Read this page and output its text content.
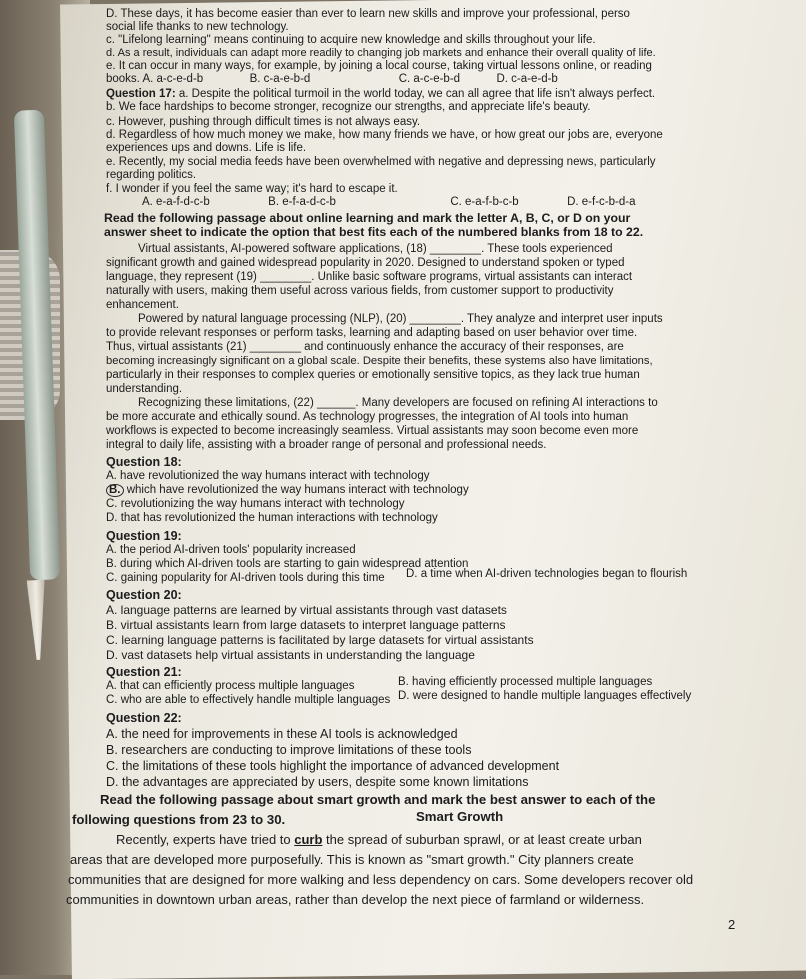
D. These days, it has become easier than ever to learn new skills and improve your professional, perso
social life thanks to new technology.
c. "Lifelong learning" means continuing to acquire new knowledge and skills throughout your life.
d. As a result, individuals can adapt more readily to changing job markets and enhance their overall quality of life.
e. It can occur in many ways, for example, by joining a local course, taking virtual lessons online, or reading
books. A. a-c-e-d-b	B. c-a-e-b-d	C. a-c-e-b-d	D. c-a-e-d-b
Question 17: a. Despite the political turmoil in the world today, we can all agree that life isn't always perfect.
b. We face hardships to become stronger, recognize our strengths, and appreciate life's beauty.
c. However, pushing through difficult times is not always easy.
d. Regardless of how much money we make, how many friends we have, or how great our jobs are, everyone
experiences ups and downs. Life is life.
e. Recently, my social media feeds have been overwhelmed with negative and depressing news, particularly
regarding politics.
f. I wonder if you feel the same way; it's hard to escape it.
A. e-a-f-d-c-b	B. e-f-a-d-c-b	C. e-a-f-b-c-b	D. e-f-c-b-d-a
Read the following passage about online learning and mark the letter A, B, C, or D on your
answer sheet to indicate the option that best fits each of the numbered blanks from 18 to 22.
Virtual assistants, AI-powered software applications, (18) ________. These tools experienced
significant growth and gained widespread popularity in 2020. Designed to understand spoken or typed
language, they represent (19) ________. Unlike basic software programs, virtual assistants can interact
naturally with users, making them useful across various fields, from customer support to productivity
enhancement.
Powered by natural language processing (NLP), (20) ________. They analyze and interpret user inputs
to provide relevant responses or perform tasks, learning and adapting based on user behavior over time.
Thus, virtual assistants (21) ________ and continuously enhance the accuracy of their responses, are
becoming increasingly significant on a global scale. Despite their benefits, these systems also have limitations,
particularly in their responses to complex queries or emotionally sensitive topics, as they lack true human
understanding.
Recognizing these limitations, (22) ______. Many developers are focused on refining AI interactions to
be more accurate and ethically sound. As technology progresses, the integration of AI tools into human
workflows is expected to become increasingly seamless. Virtual assistants may soon become even more
integral to daily life, assisting with a broader range of personal and professional needs.
Question 18:
A. have revolutionized the way humans interact with technology
B. which have revolutionized the way humans interact with technology
C. revolutionizing the way humans interact with technology
D. that has revolutionized the human interactions with technology
Question 19:
A. the period AI-driven tools' popularity increased
B. during which AI-driven tools are starting to gain widespread attention
C. gaining popularity for AI-driven tools during this time D. a time when AI-driven technologies began to flourish
Question 20:
A. language patterns are learned by virtual assistants through vast datasets
B. virtual assistants learn from large datasets to interpret language patterns
C. learning language patterns is facilitated by large datasets for virtual assistants
D. vast datasets help virtual assistants in understanding the language
Question 21:
A. that can efficiently process multiple languages	B. having efficiently processed multiple languages
C. who are able to effectively handle multiple languages D. were designed to handle multiple languages effectively
Question 22:
A. the need for improvements in these AI tools is acknowledged
B. researchers are conducting to improve limitations of these tools
C. the limitations of these tools highlight the importance of advanced development
D. the advantages are appreciated by users, despite some known limitations
Read the following passage about smart growth and mark the best answer to each of the
following questions from 23 to 30.	Smart Growth
Recently, experts have tried to curb the spread of suburban sprawl, or at least create urban
areas that are developed more purposefully. This is known as "smart growth." City planners create
communities that are designed for more walking and less dependency on cars. Some developers recover old
communities in downtown urban areas, rather than develop the next piece of farmland or wilderness.
2
